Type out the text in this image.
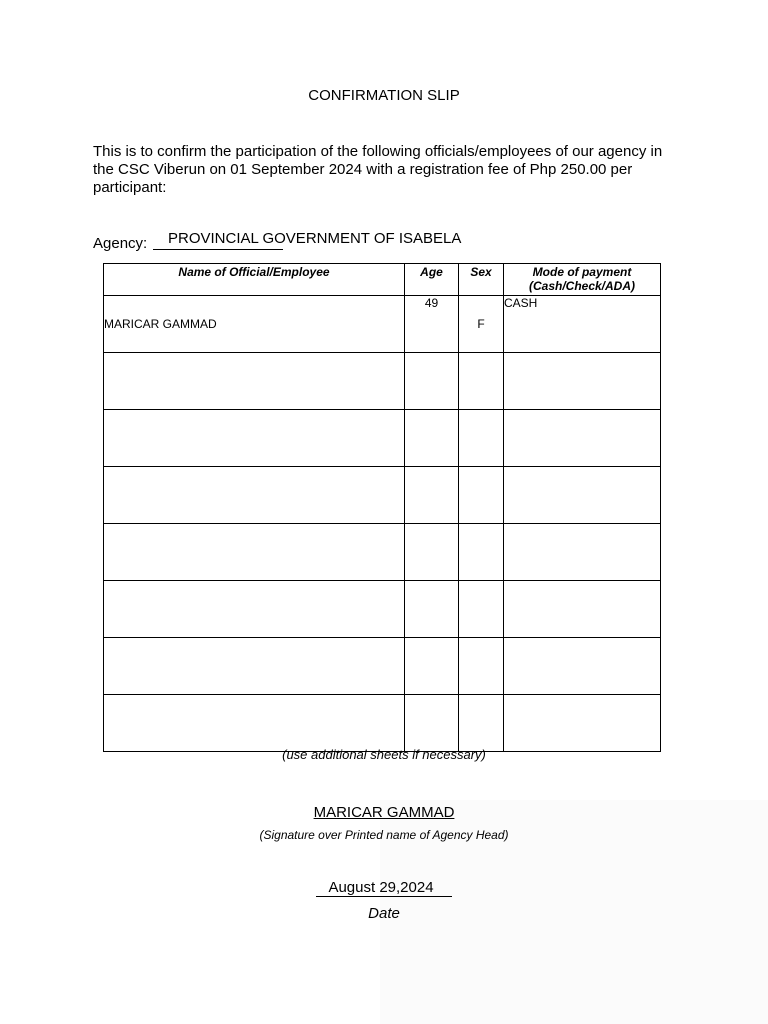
CONFIRMATION SLIP
This is to confirm the participation of the following officials/employees of our agency in the CSC Viberun on 01 September 2024 with a registration fee of Php 250.00 per participant:
Agency: PROVINCIAL GOVERNMENT OF ISABELA
Name of Official/Employee	Age	Sex	Mode of payment
(Cash/Check/ADA)

MARICAR GAMMAD	49	F	CASH

(use additional sheets if necessary)
MARICAR GAMMAD
(Signature over Printed name of Agency Head)
August 29,2024
Date
